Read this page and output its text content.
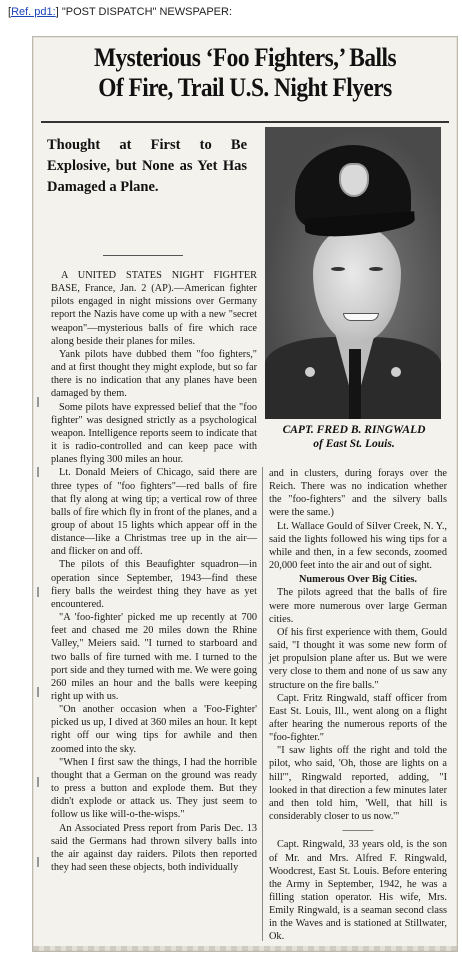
[Ref. pd1:] "POST DISPATCH" NEWSPAPER:
Mysterious ‘Foo Fighters,’ Balls
Of Fire, Trail U.S. Night Flyers
Thought at First to Be Explosive, but None as Yet Has Damaged a Plane.
CAPT. FRED B. RINGWALD
of East St. Louis.

A UNITED STATES NIGHT FIGHTER BASE, France, Jan. 2 (AP).—American fighter pilots engaged in night missions over Germany report the Nazis have come up with a new "secret weapon"—mysterious balls of fire which race along beside their planes for miles.

Yank pilots have dubbed them "foo fighters," and at first thought they might explode, but so far there is no indication that any planes have been damaged by them.

Some pilots have expressed belief that the "foo fighter" was designed strictly as a psychological weapon. Intelligence reports seem to indicate that it is radio-controlled and can keep pace with planes flying 300 miles an hour.

Lt. Donald Meiers of Chicago, said there are three types of "foo fighters"—red balls of fire that fly along at wing tip; a vertical row of three balls of fire which fly in front of the planes, and a group of about 15 lights which appear off in the distance—like a Christmas tree up in the air—and flicker on and off.

The pilots of this Beaufighter squadron—in operation since September, 1943—find these fiery balls the weirdest thing they have as yet encountered.

"A 'foo-fighter' picked me up recently at 700 feet and chased me 20 miles down the Rhine Valley," Meiers said. "I turned to starboard and two balls of fire turned with me. I turned to the port side and they turned with me. We were going 260 miles an hour and the balls were keeping right up with us.

"On another occasion when a 'Foo-Fighter' picked us up, I dived at 360 miles an hour. It kept right off our wing tips for awhile and then zoomed into the sky.

"When I first saw the things, I had the horrible thought that a German on the ground was ready to press a button and explode them. But they didn't explode or attack us. They just seem to follow us like will-o-the-wisps."

An Associated Press report from Paris Dec. 13 said the Germans had thrown silvery balls into the air against day raiders. Pilots then reported they had seen these objects, both individually

and in clusters, during forays over the Reich. There was no indication whether the "foo-fighters" and the silvery balls were the same.)

Lt. Wallace Gould of Silver Creek, N. Y., said the lights followed his wing tips for a while and then, in a few seconds, zoomed 20,000 feet into the air and out of sight.

Numerous Over Big Cities.

The pilots agreed that the balls of fire were more numerous over large German cities.

Of his first experience with them, Gould said, "I thought it was some new form of jet propulsion plane after us. But we were very close to them and none of us saw any structure on the fire balls."

Capt. Fritz Ringwald, staff officer from East St. Louis, Ill., went along on a flight after hearing the numerous reports of the "foo-fighter."

"I saw lights off the right and told the pilot, who said, 'Oh, those are lights on a hill'", Ringwald reported, adding, "I looked in that direction a few minutes later and then told him, 'Well, that hill is considerably closer to us now.'"

———

Capt. Ringwald, 33 years old, is the son of Mr. and Mrs. Alfred F. Ringwald, Woodcrest, East St. Louis. Before entering the Army in September, 1942, he was a filling station operator. His wife, Mrs. Emily Ringwald, is a seaman second class in the Waves and is stationed at Stillwater, Ok.
